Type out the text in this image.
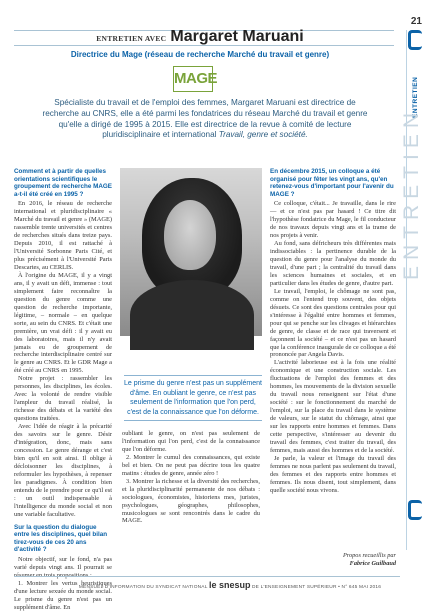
21
ENTRETIEN
ENTRETIEN
ENTRETIEN AVEC Margaret Maruani
Directrice du Mage (réseau de recherche Marché du travail et genre)
MAGE
Spécialiste du travail et de l'emploi des femmes, Margaret Maruani est directrice de recherche au CNRS, elle a été parmi les fondatrices du réseau Marché du travail et genre qu'elle a dirigé de 1995 à 2015. Elle est directrice de la revue à comité de lecture pluridisciplinaire et international Travail, genre et société.
Comment et à partir de quelles orientations scientifiques le groupement de recherche MAGE a-t-il été créé en 1995 ?

En 2016, le réseau de recherche international et pluridisciplinaire « Marché du travail et genre » (MAGE) rassemble trente universités et centres de recherches situés dans treize pays. Depuis 2010, il est rattaché à l'Université Sorbonne Paris Cité, et plus précisément à l'Université Paris Descartes, au CERLIS.

À l'origine du MAGE, il y a vingt ans, il y avait un défi, immense : tout simplement faire reconnaître la question du genre comme une question de recherche importante, légitime, – normale – en quelque sorte, au sein du CNRS. Et c'était une première, un vrai défi : il y avait eu des laboratoires, mais il n'y avait jamais eu de groupement de recherche interdisciplinaire centré sur le genre au CNRS. Et le GDR Mage a été créé au CNRS en 1995.

Notre projet : rassembler les personnes, les disciplines, les écoles. Avec la volonté de rendre visible l'ampleur du travail réalisé, la richesse des débats et la variété des questions traitées.

Avec l'idée de réagir à la précarité des savoirs sur le genre. Désir d'intégration, donc, mais sans concession. Le genre dérange et c'est bien qu'il en soit ainsi. Il oblige à décloisonner les disciplines, à reformuler les hypothèses, à repenser les paradigmes. À condition bien entendu de le prendre pour ce qu'il est : un outil indispensable à l'intelligence du monde social et non une variable facultative.

Sur la question du dialogue entre les disciplines, quel bilan tirez-vous de ces 20 ans d'activité ?

Notre objectif, sur le fond, n'a pas varié depuis vingt ans. Il pourrait se

1. Montrer les vertus heuristiques d'une lecture sexuée du monde social. Le prisme du genre n'est pas un supplément d'âme. En

Le prisme du genre n'est pas un supplément d'âme. En oubliant le genre, ce n'est pas seulement de l'information que l'on perd, c'est de la connaissance que l'on déforme.

oubliant le genre, on n'est pas seulement de l'information qui l'on perd, c'est de la connaissance que l'on déforme.

2. Montrer le cumul des connaissances, qui existe bel et bien. On ne peut pas décrire tous les quatre matins : études de genre, année zéro !

3. Montrer la richesse et la diversité des recherches, et la pluridisciplinarité permanente de nos débats : sociologues, économistes, historiens mes, juristes, psychologues, géographes, philosophes, musicologues se sont rencontrés dans le cadre du MAGE.

En décembre 2015, un colloque a été organisé pour fêter les vingt ans, qu'en retenez-vous d'important pour l'avenir du MAGE ?

Ce colloque, c'était... Je travaille, dans le rire — et ce n'est pas par hasard ! Ce titre dit l'hypothèse fondatrice du Mage, le fil conducteur de nos travaux depuis vingt ans et la trame de nos projets à venir.

Au fond, sans défricheurs très différentes mais indissociables : la pertinence durable de la question du genre pour l'analyse du monde du travail, d'une part ; la centralité du travail dans les sciences humaines et sociales, et en particulier dans les études de genre, d'autre part.

Le travail, l'emploi, le chômage ne sont pas, comme on l'entend trop souvent, des objets désuets. Ce sont des questions centrales pour qui s'intéresse à l'égalité entre hommes et femmes, pour qui se penche sur les clivages et hiérarchies de genre, de classe et de race qui traversent et façonnent la société – et ce n'est pas un hasard que la conférence inaugurale de ce colloque a été prononcée par Angela Davis.

L'activité laborieuse est à la fois une réalité économique et une construction sociale. Les fluctuations de l'emploi des femmes et des hommes, les mouvements de la division sexuelle du travail nous renseignent sur l'état d'une société : sur le fonctionnement du marché de l'emploi, sur la place du travail dans le système de valeurs, sur le statut du chômage, ainsi que sur les rapports entre hommes et femmes. Dans cette perspective, s'intéresser au devenir du travail des femmes, c'est traiter du travail, des femmes, mais aussi des hommes et de la société.

Je parle, la valeur et l'image du travail des femmes ne nous parlent pas seulement du travail, des femmes et des rapports entre hommes et femmes. Ils nous disent, tout simplement, dans quelle société nous vivons.

Propos recueillis par
Fabrice Guilbaud
MENSUEL D'INFORMATION DU SYNDICAT NATIONAL le snesup DE L'ENSEIGNEMENT SUPÉRIEUR • N° 645 MAI 2016
